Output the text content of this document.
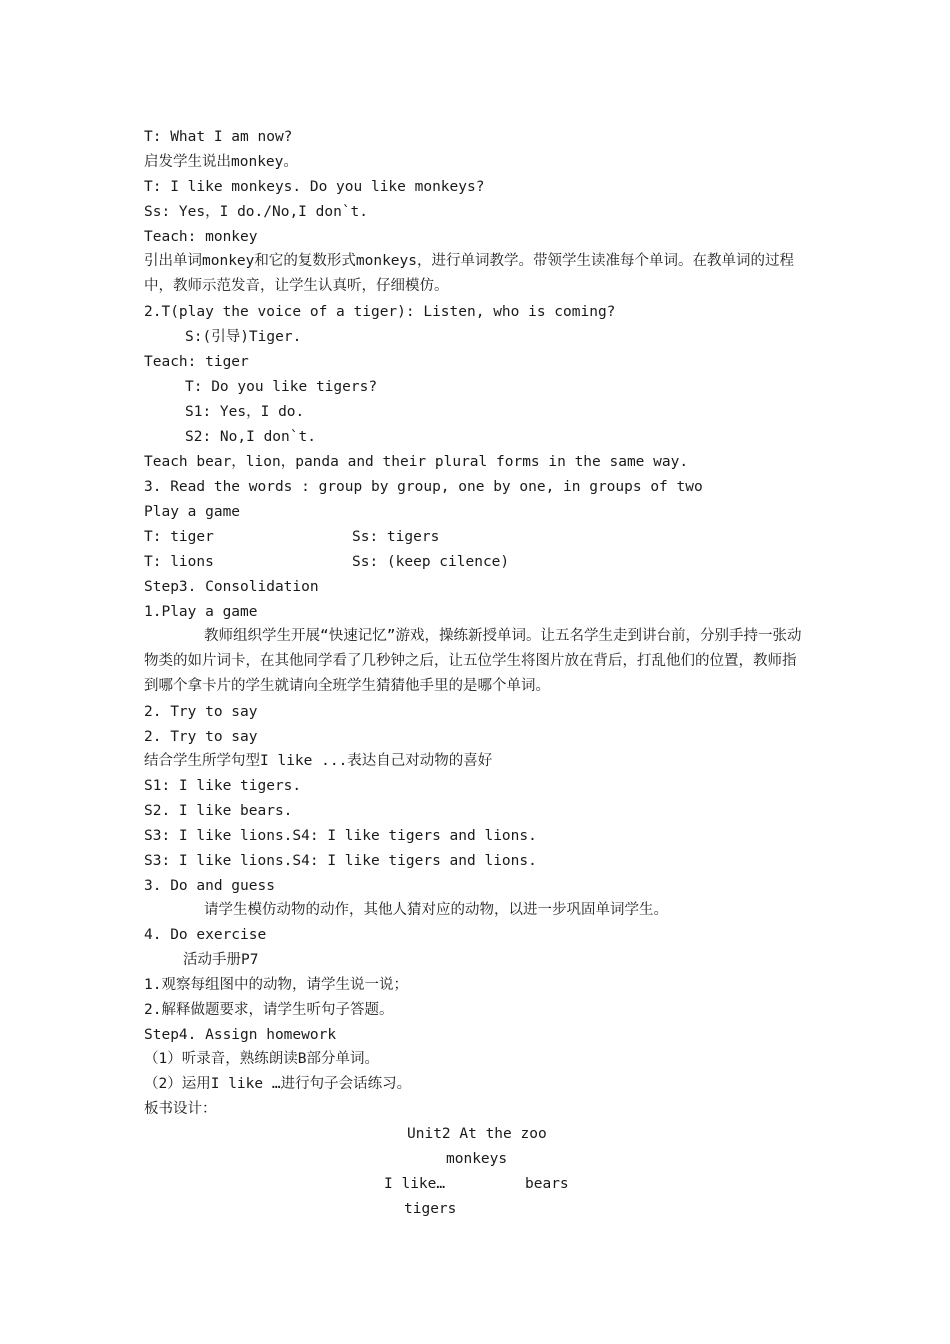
T: What I am now?
启发学生说出monkey。
T: I like monkeys. Do you like monkeys?
Ss: Yes，I do./No,I don`t.
Teach: monkey
引出单词monkey和它的复数形式monkeys，进行单词教学。带领学生读准每个单词。在教单词的过程中，教师示范发音，让学生认真听，仔细模仿。
2.T(play the voice of a tiger): Listen, who is coming?
S:(引导)Tiger.
Teach: tiger
T: Do you like tigers?
S1: Yes，I do.
S2: No,I don`t.
Teach bear，lion，panda and their plural forms in the same way.
3. Read the words : group by group, one by one, in groups of two
Play a game
T: tiger	Ss: tigers
T: lions	Ss: (keep cilence)
Step3. Consolidation
1.Play a game
教师组织学生开展“快速记忆”游戏，操练新授单词。让五名学生走到讲台前，分别手持一张动物类的如片词卡，在其他同学看了几秒钟之后，让五位学生将图片放在背后，打乱他们的位置，教师指到哪个拿卡片的学生就请向全班学生猜猜他手里的是哪个单词。
2. Try to say
2. Try to say
结合学生所学句型I like ...表达自己对动物的喜好
S1: I like tigers.
S2. I like bears.
S3: I like lions.S4: I like tigers and lions.
S3: I like lions.S4: I like tigers and lions.
3. Do and guess
请学生模仿动物的动作，其他人猜对应的动物，以进一步巩固单词学生。
4. Do exercise
活动手册P7
1.观察每组图中的动物，请学生说一说；
2.解释做题要求，请学生听句子答题。
Step4. Assign homework
（1）听录音，熟练朗读B部分单词。
（2）运用I like …进行句子会话练习。
板书设计：
Unit2 At the zoo
monkeys
I like…	bears
tigers
